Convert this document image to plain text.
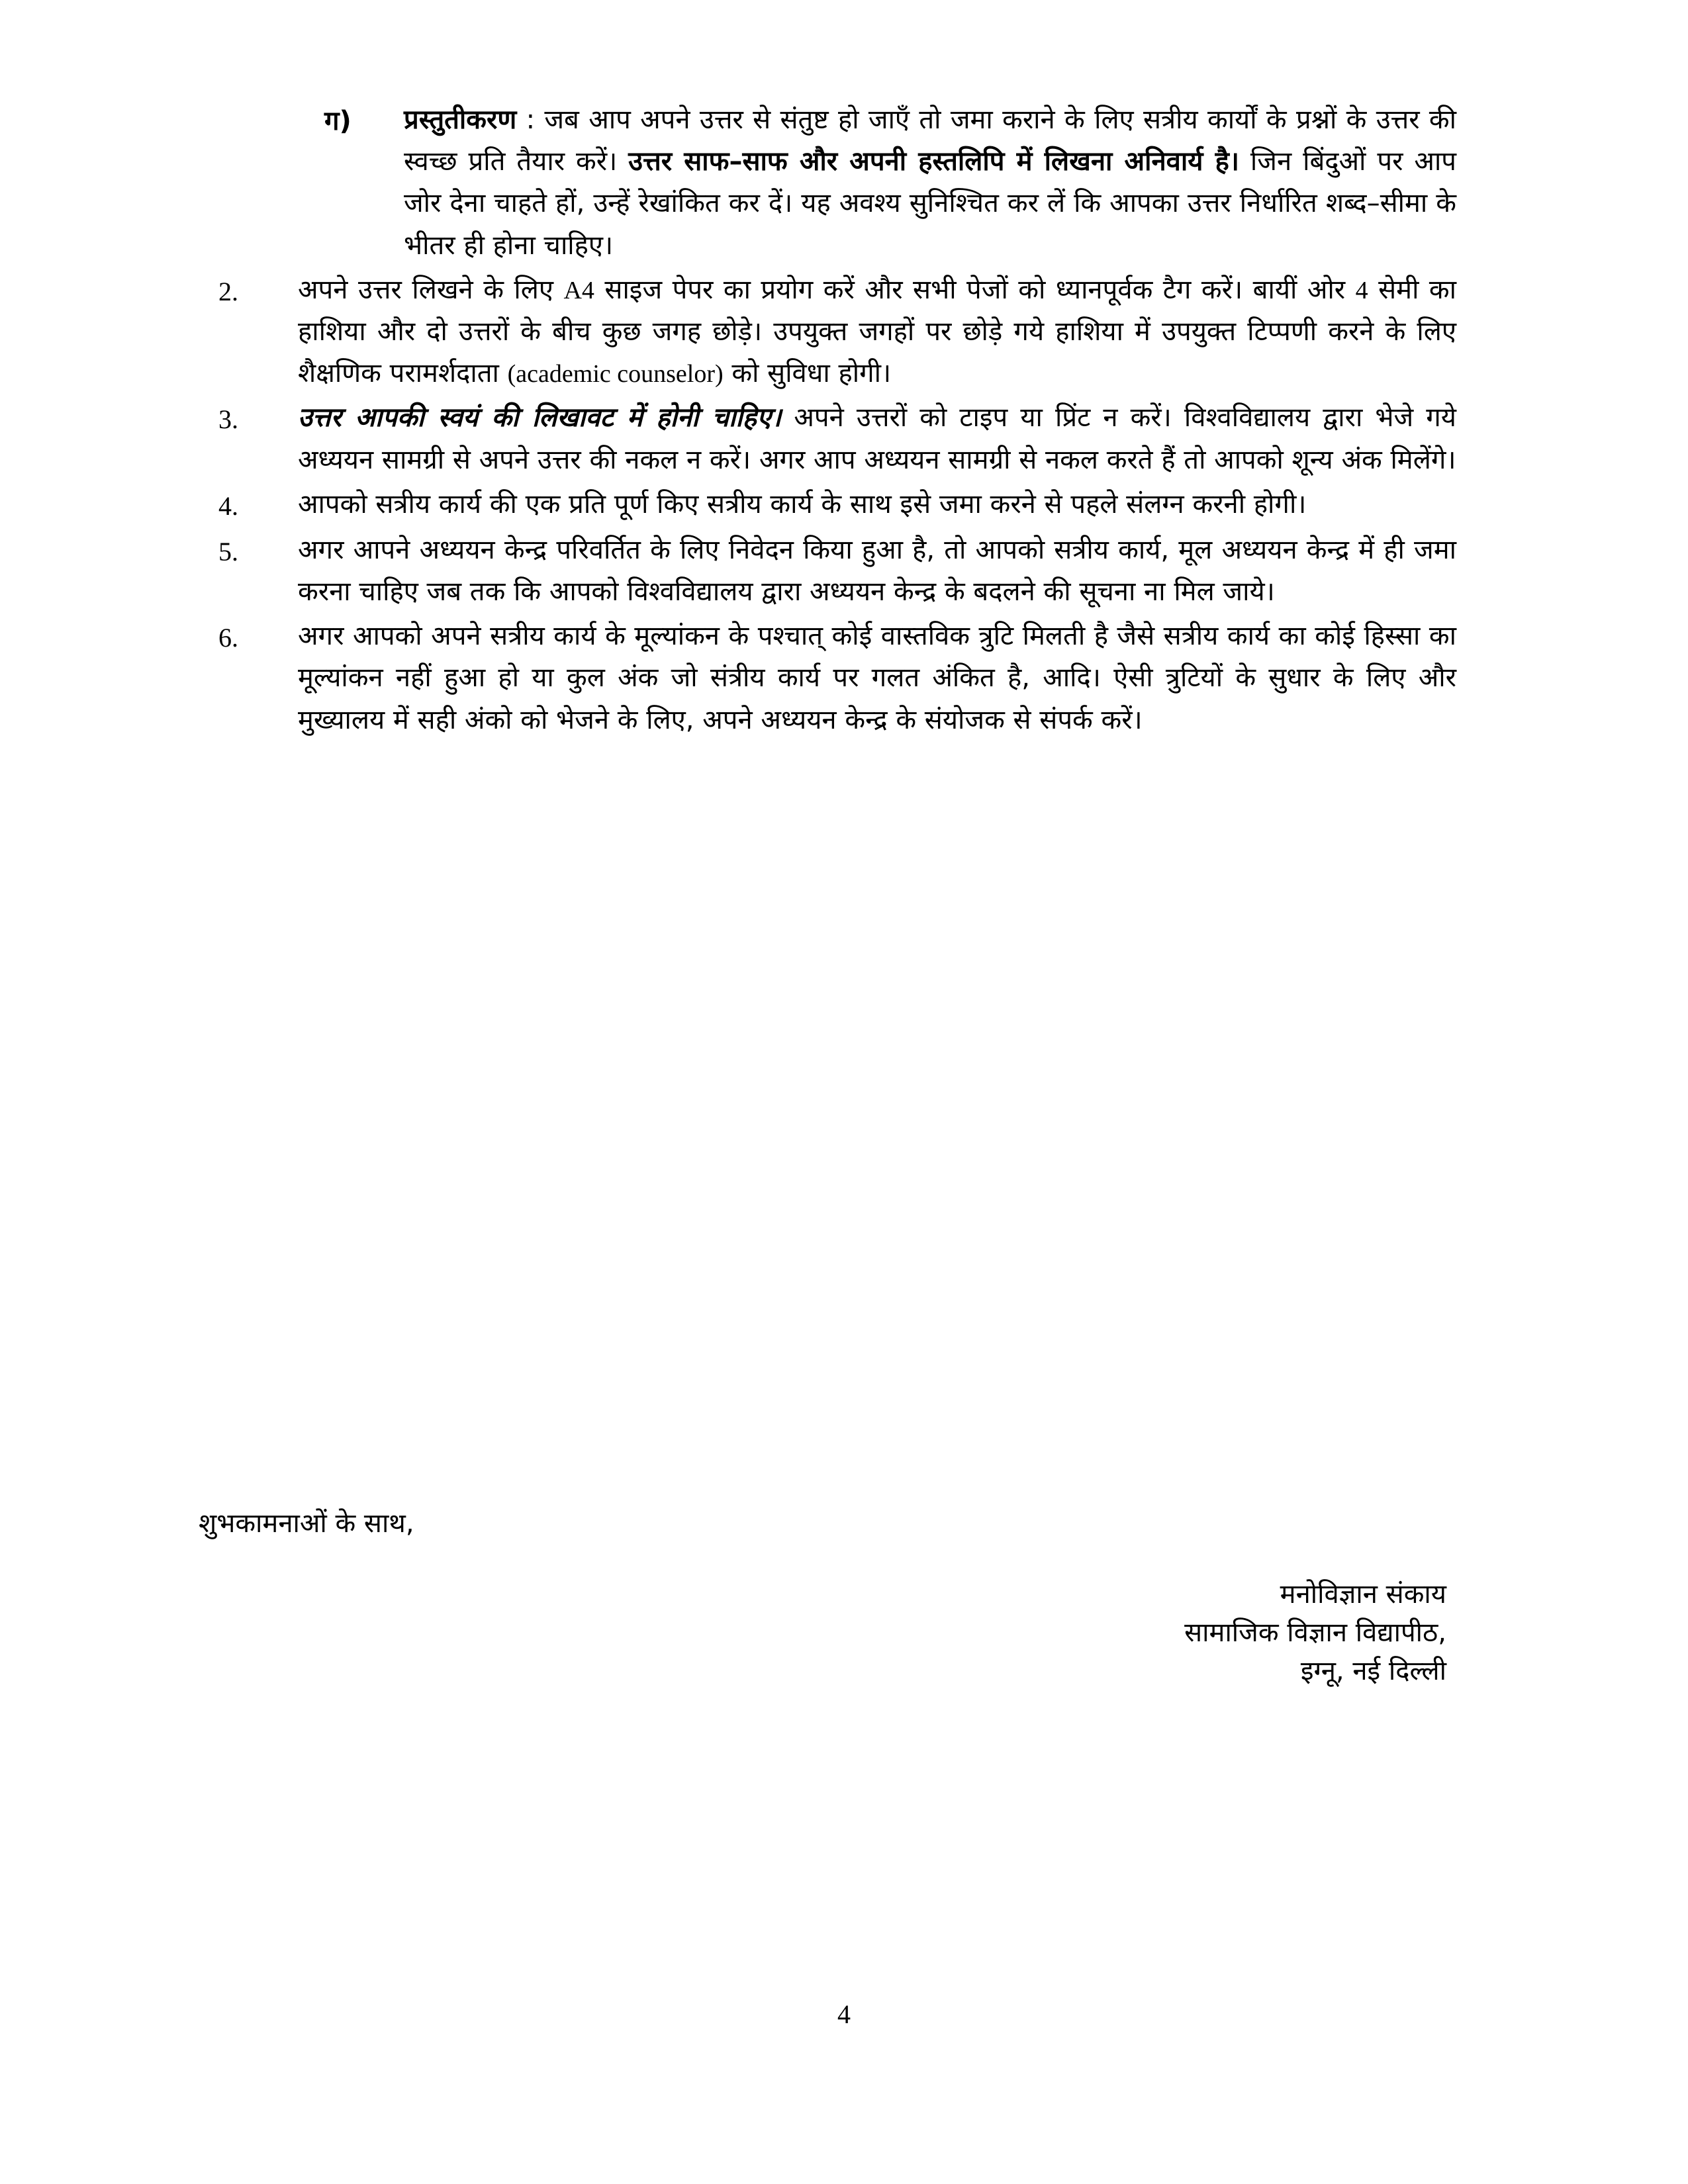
ग)	प्रस्तुतीकरण : जब आप अपने उत्तर से संतुष्ट हो जाएँ तो जमा कराने के लिए सत्रीय कार्यों के प्रश्नों के उत्तर की स्वच्छ प्रति तैयार करें। उत्तर साफ–साफ और अपनी हस्तलिपि में लिखना अनिवार्य है। जिन बिंदुओं पर आप जोर देना चाहते हों, उन्हें रेखांकित कर दें। यह अवश्य सुनिश्चित कर लें कि आपका उत्तर निर्धारित शब्द–सीमा के भीतर ही होना चाहिए।
2.	अपने उत्तर लिखने के लिए A4 साइज पेपर का प्रयोग करें और सभी पेजों को ध्यानपूर्वक टैग करें। बायीं ओर 4 सेमी का हाशिया और दो उत्तरों के बीच कुछ जगह छोड़े। उपयुक्त जगहों पर छोड़े गये हाशिया में उपयुक्त टिप्पणी करने के लिए शैक्षणिक परामर्शदाता (academic counselor) को सुविधा होगी।
3.	उत्तर आपकी स्वयं की लिखावट में होनी चाहिए। अपने उत्तरों को टाइप या प्रिंट न करें। विश्वविद्यालय द्वारा भेजे गये अध्ययन सामग्री से अपने उत्तर की नकल न करें। अगर आप अध्ययन सामग्री से नकल करते हैं तो आपको शून्य अंक मिलेंगे।
4.	आपको सत्रीय कार्य की एक प्रति पूर्ण किए सत्रीय कार्य के साथ इसे जमा करने से पहले संलग्न करनी होगी।
5.	अगर आपने अध्ययन केन्द्र परिवर्तित के लिए निवेदन किया हुआ है, तो आपको सत्रीय कार्य, मूल अध्ययन केन्द्र में ही जमा करना चाहिए जब तक कि आपको विश्वविद्यालय द्वारा अध्ययन केन्द्र के बदलने की सूचना ना मिल जाये।
6.	अगर आपको अपने सत्रीय कार्य के मूल्यांकन के पश्चात् कोई वास्तविक त्रुटि मिलती है जैसे सत्रीय कार्य का कोई हिस्सा का मूल्यांकन नहीं हुआ हो या कुल अंक जो संत्रीय कार्य पर गलत अंकित है, आदि। ऐसी त्रुटियों के सुधार के लिए और मुख्यालय में सही अंको को भेजने के लिए, अपने अध्ययन केन्द्र के संयोजक से संपर्क करें।
शुभकामनाओं के साथ,
मनोविज्ञान संकाय
सामाजिक विज्ञान विद्यापीठ,
इग्नू, नई दिल्ली
4
